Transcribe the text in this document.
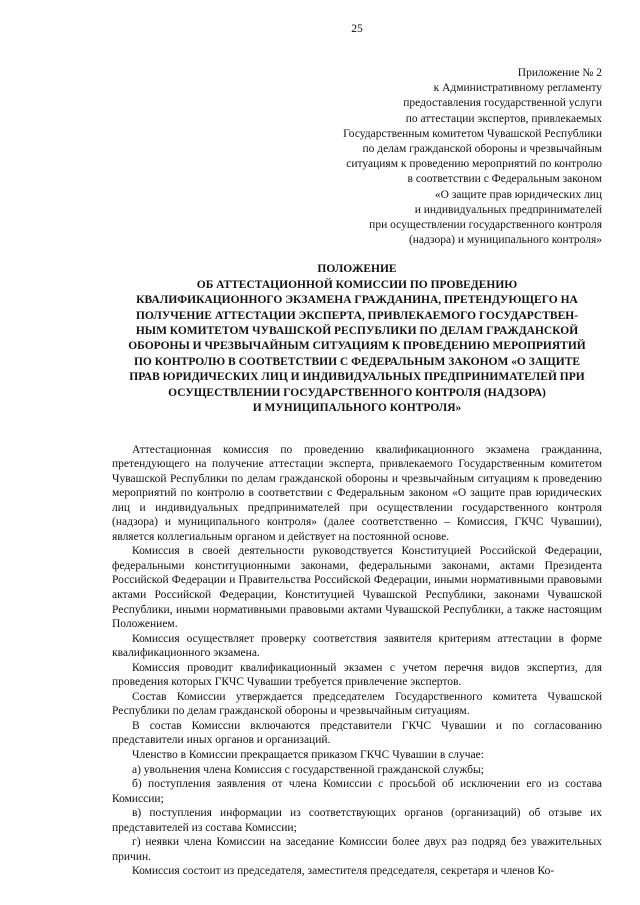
25
Приложение № 2
к Административному регламенту
предоставления государственной услуги
по аттестации экспертов, привлекаемых
Государственным комитетом Чувашской Республики
по делам гражданской обороны и чрезвычайным
ситуациям к проведению мероприятий по контролю
в соответствии с Федеральным законом
«О защите прав юридических лиц
и индивидуальных предпринимателей
при осуществлении государственного контроля
(надзора) и муниципального контроля»
ПОЛОЖЕНИЕ
ОБ АТТЕСТАЦИОННОЙ КОМИССИИ ПО ПРОВЕДЕНИЮ
КВАЛИФИКАЦИОННОГО ЭКЗАМЕНА ГРАЖДАНИНА, ПРЕТЕНДУЮЩЕГО НА
ПОЛУЧЕНИЕ АТТЕСТАЦИИ ЭКСПЕРТА, ПРИВЛЕКАЕМОГО ГОСУДАРСТВЕН-
НЫМ КОМИТЕТОМ ЧУВАШСКОЙ РЕСПУБЛИКИ ПО ДЕЛАМ ГРАЖДАНСКОЙ
ОБОРОНЫ И ЧРЕЗВЫЧАЙНЫМ СИТУАЦИЯМ К ПРОВЕДЕНИЮ МЕРОПРИЯТИЙ
ПО КОНТРОЛЮ В СООТВЕТСТВИИ С ФЕДЕРАЛЬНЫМ ЗАКОНОМ «О ЗАЩИТЕ
ПРАВ ЮРИДИЧЕСКИХ ЛИЦ И ИНДИВИДУАЛЬНЫХ ПРЕДПРИНИМАТЕЛЕЙ ПРИ
ОСУЩЕСТВЛЕНИИ ГОСУДАРСТВЕННОГО КОНТРОЛЯ (НАДЗОРА)
И МУНИЦИПАЛЬНОГО КОНТРОЛЯ»

Аттестационная комиссия по проведению квалификационного экзамена гражданина, претендующего на получение аттестации эксперта, привлекаемого Государственным комитетом Чувашской Республики по делам гражданской обороны и чрезвычайным ситуациям к проведению мероприятий по контролю в соответствии с Федеральным законом «О защите прав юридических лиц и индивидуальных предпринимателей при осуществлении государственного контроля (надзора) и муниципального контроля» (далее соответственно – Комиссия, ГКЧС Чувашии), является коллегиальным органом и действует на постоянной основе.

Комиссия в своей деятельности руководствуется Конституцией Российской Федерации, федеральными конституционными законами, федеральными законами, актами Президента Российской Федерации и Правительства Российской Федерации, иными нормативными правовыми актами Российской Федерации, Конституцией Чувашской Республики, законами Чувашской Республики, иными нормативными правовыми актами Чувашской Республики, а также настоящим Положением.

Комиссия осуществляет проверку соответствия заявителя критериям аттестации в форме квалификационного экзамена.

Комиссия проводит квалификационный экзамен с учетом перечня видов экспертиз, для проведения которых ГКЧС Чувашии требуется привлечение экспертов.

Состав Комиссии утверждается председателем Государственного комитета Чувашской Республики по делам гражданской обороны и чрезвычайным ситуациям.

В состав Комиссии включаются представители ГКЧС Чувашии и по согласованию представители иных органов и организаций.

Членство в Комиссии прекращается приказом ГКЧС Чувашии в случае:

а) увольнения члена Комиссия с государственной гражданской службы;

б) поступления заявления от члена Комиссии с просьбой об исключении его из состава Комиссии;

в) поступления информации из соответствующих органов (организаций) об отзыве их представителей из состава Комиссии;

г) неявки члена Комиссии на заседание Комиссии более двух раз подряд без уважительных причин.

Комиссия состоит из председателя, заместителя председателя, секретаря и членов Ко-
